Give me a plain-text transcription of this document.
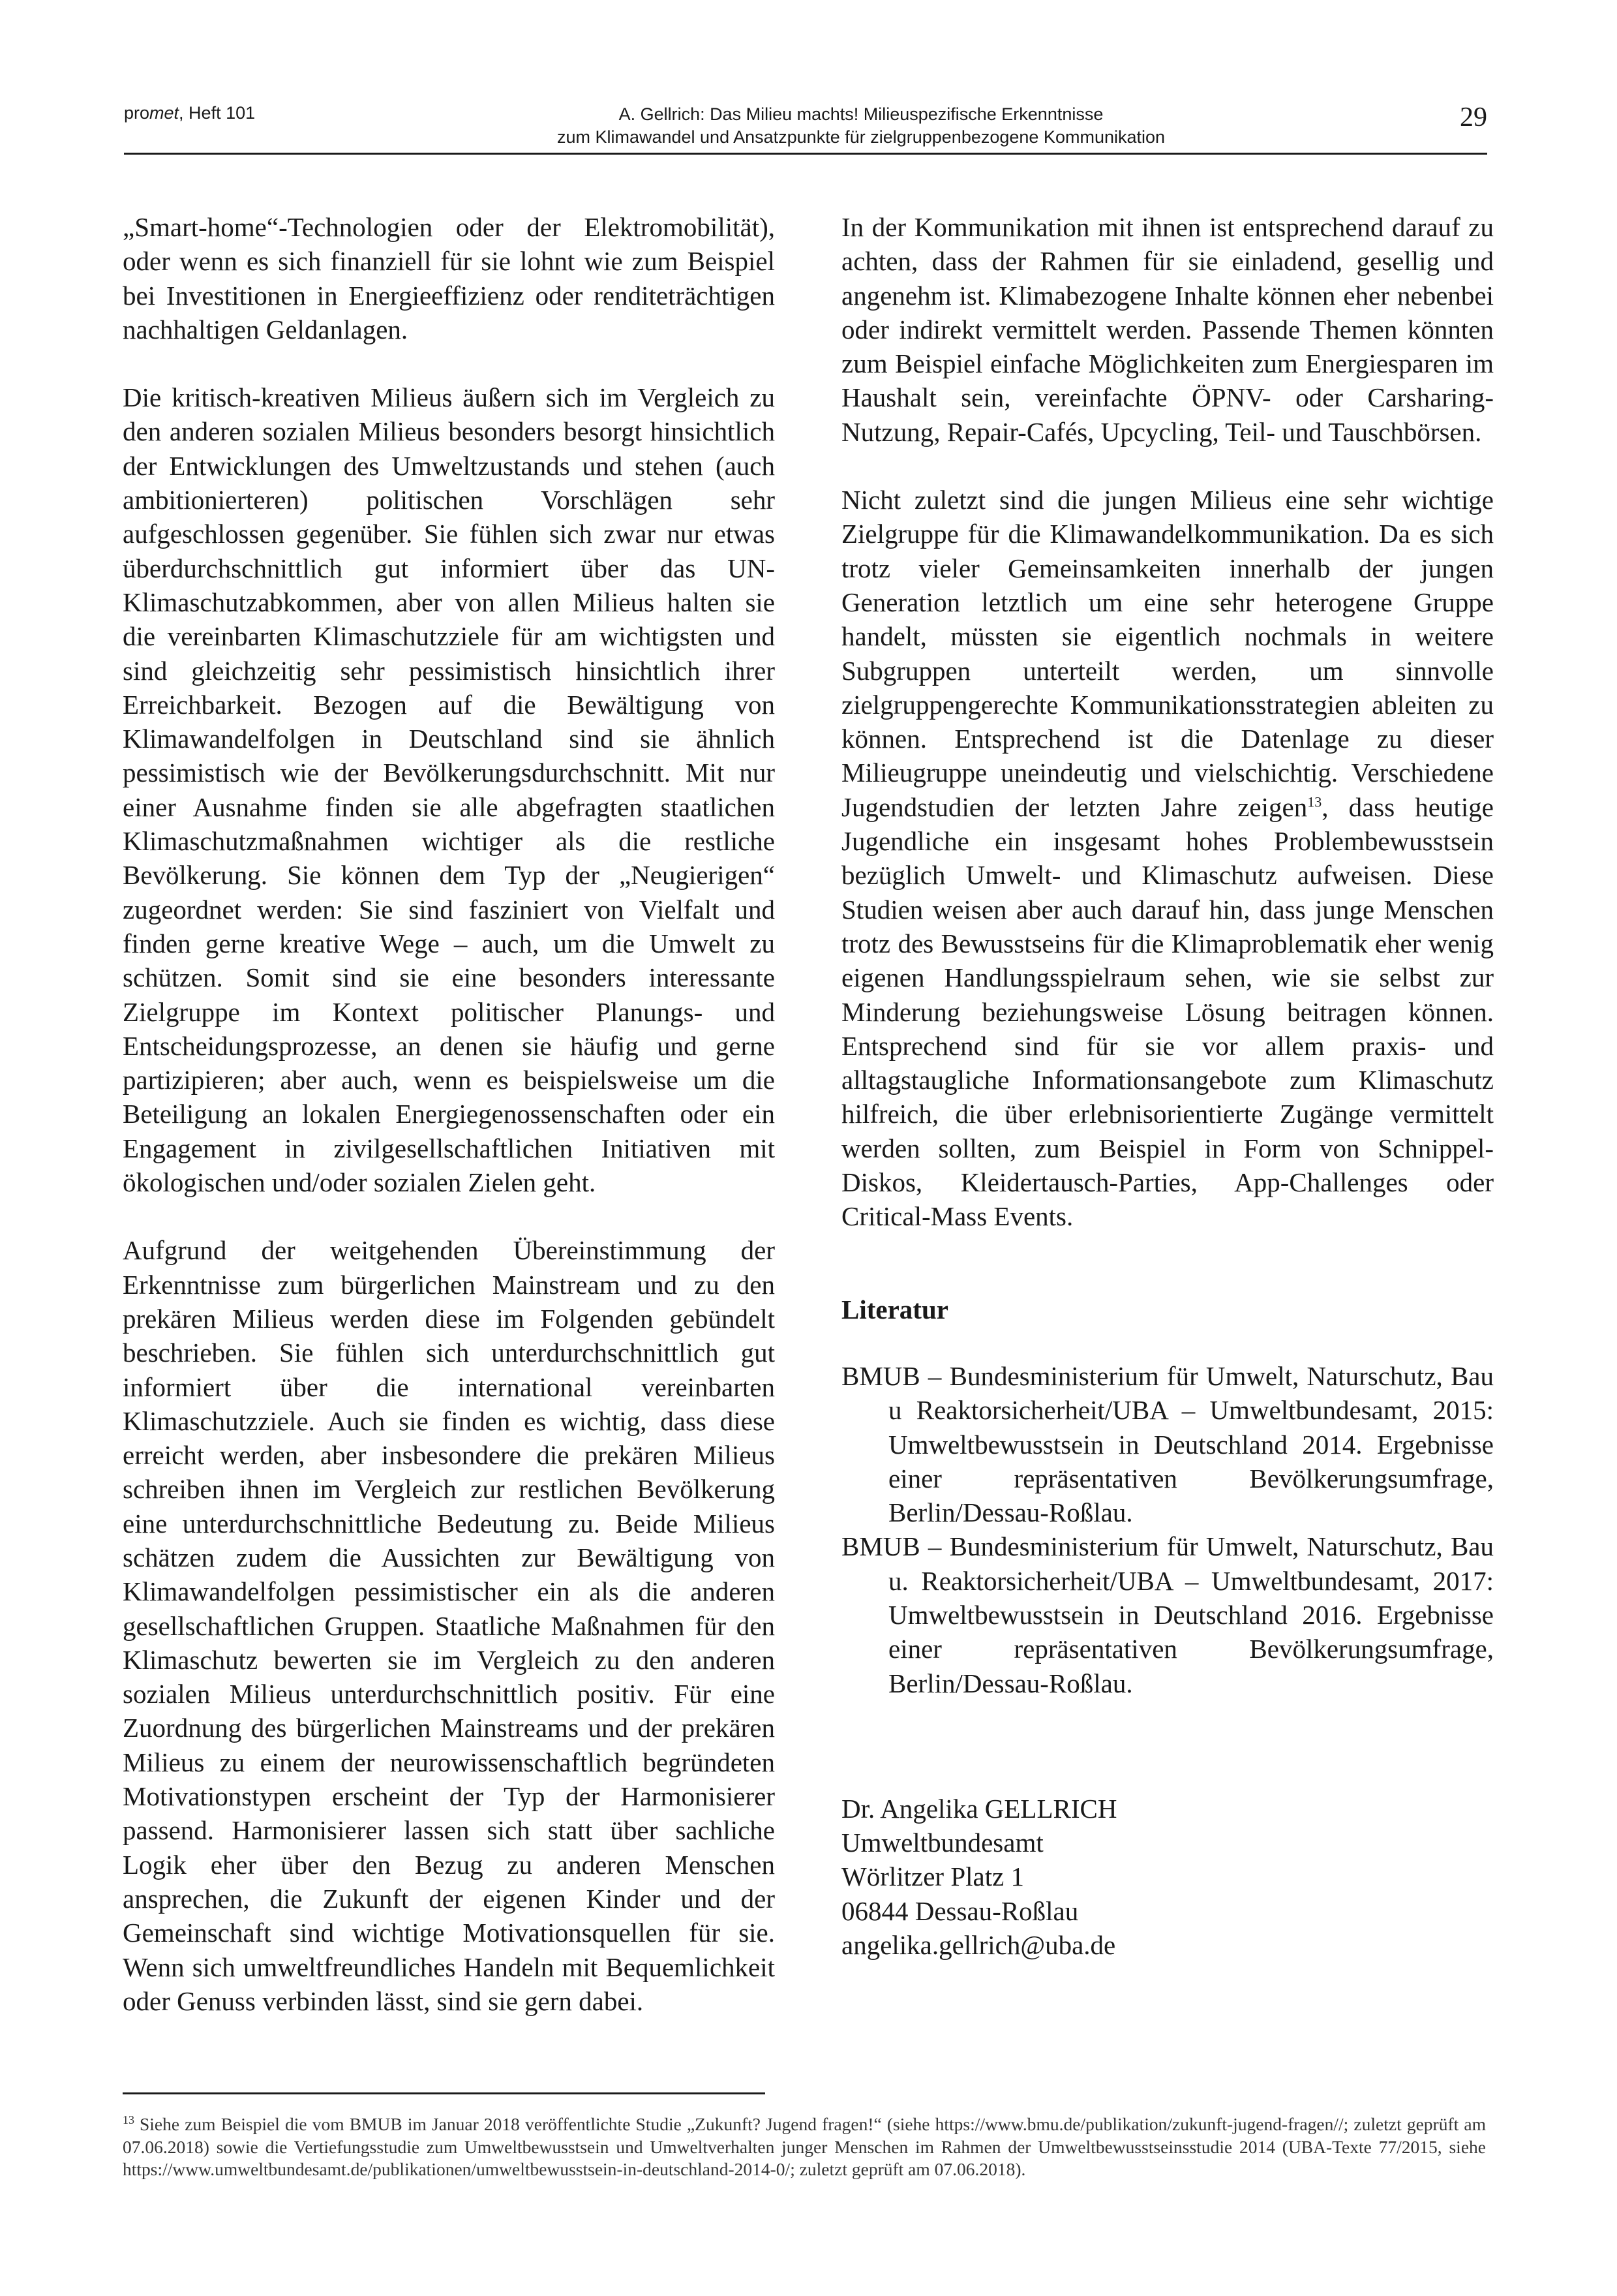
promet, Heft 101	A. Gellrich: Das Milieu machts! Milieuspezifische Erkenntnisse
zum Klimawandel und Ansatzpunkte für zielgruppenbezogene Kommunikation
29

„Smart-home“-Technologien oder der Elektromobilität), oder wenn es sich finanziell für sie lohnt wie zum Beispiel bei Investitionen in Energieeffizienz oder renditeträchtigen nachhaltigen Geldanlagen.

Die kritisch-kreativen Milieus äußern sich im Vergleich zu den anderen sozialen Milieus besonders besorgt hinsichtlich der Entwicklungen des Umweltzustands und stehen (auch ambitionierteren) politischen Vorschlägen sehr aufgeschlossen gegenüber. Sie fühlen sich zwar nur etwas überdurchschnittlich gut informiert über das UN-Klimaschutzabkommen, aber von allen Milieus halten sie die vereinbarten Klimaschutzziele für am wichtigsten und sind gleichzeitig sehr pessimistisch hinsichtlich ihrer Erreichbarkeit. Bezogen auf die Bewältigung von Klimawandelfolgen in Deutschland sind sie ähnlich pessimistisch wie der Bevölkerungsdurchschnitt. Mit nur einer Ausnahme finden sie alle abgefragten staatlichen Klimaschutzmaßnahmen wichtiger als die restliche Bevölkerung. Sie können dem Typ der „Neugierigen“ zugeordnet werden: Sie sind fasziniert von Vielfalt und finden gerne kreative Wege – auch, um die Umwelt zu schützen. Somit sind sie eine besonders interessante Zielgruppe im Kontext politischer Planungs- und Entscheidungsprozesse, an denen sie häufig und gerne partizipieren; aber auch, wenn es beispielsweise um die Beteiligung an lokalen Energiegenossenschaften oder ein Engagement in zivilgesellschaftlichen Initiativen mit ökologischen und/oder sozialen Zielen geht.

Aufgrund der weitgehenden Übereinstimmung der Erkenntnisse zum bürgerlichen Mainstream und zu den prekären Milieus werden diese im Folgenden gebündelt beschrieben. Sie fühlen sich unterdurchschnittlich gut informiert über die international vereinbarten Klimaschutzziele. Auch sie finden es wichtig, dass diese erreicht werden, aber insbesondere die prekären Milieus schreiben ihnen im Vergleich zur restlichen Bevölkerung eine unterdurchschnittliche Bedeutung zu. Beide Milieus schätzen zudem die Aussichten zur Bewältigung von Klimawandelfolgen pessimistischer ein als die anderen gesellschaftlichen Gruppen. Staatliche Maßnahmen für den Klimaschutz bewerten sie im Vergleich zu den anderen sozialen Milieus unterdurchschnittlich positiv. Für eine Zuordnung des bürgerlichen Mainstreams und der prekären Milieus zu einem der neurowissenschaftlich begründeten Motivationstypen erscheint der Typ der Harmonisierer passend. Harmonisierer lassen sich statt über sachliche Logik eher über den Bezug zu anderen Menschen ansprechen, die Zukunft der eigenen Kinder und der Gemeinschaft sind wichtige Motivationsquellen für sie. Wenn sich umweltfreundliches Handeln mit Bequemlichkeit oder Genuss verbinden lässt, sind sie gern dabei.

In der Kommunikation mit ihnen ist entsprechend darauf zu achten, dass der Rahmen für sie einladend, gesellig und angenehm ist. Klimabezogene Inhalte können eher nebenbei oder indirekt vermittelt werden. Passende Themen könnten zum Beispiel einfache Möglichkeiten zum Energiesparen im Haushalt sein, vereinfachte ÖPNV- oder Carsharing-Nutzung, Repair-Cafés, Upcycling, Teil- und Tauschbörsen.

Nicht zuletzt sind die jungen Milieus eine sehr wichtige Zielgruppe für die Klimawandelkommunikation. Da es sich trotz vieler Gemeinsamkeiten innerhalb der jungen Generation letztlich um eine sehr heterogene Gruppe handelt, müssten sie eigentlich nochmals in weitere Subgruppen unterteilt werden, um sinnvolle zielgruppengerechte Kommunikationsstrategien ableiten zu können. Entsprechend ist die Datenlage zu dieser Milieugruppe uneindeutig und vielschichtig. Verschiedene Jugendstudien der letzten Jahre zeigen$^{13}$, dass heutige Jugendliche ein insgesamt hohes Problembewusstsein bezüglich Umwelt- und Klimaschutz aufweisen. Diese Studien weisen aber auch darauf hin, dass junge Menschen trotz des Bewusstseins für die Klimaproblematik eher wenig eigenen Handlungsspielraum sehen, wie sie selbst zur Minderung beziehungsweise Lösung beitragen können. Entsprechend sind für sie vor allem praxis- und alltagstaugliche Informationsangebote zum Klimaschutz hilfreich, die über erlebnisorientierte Zugänge vermittelt werden sollten, zum Beispiel in Form von Schnippel-Diskos, Kleidertausch-Parties, App-Challenges oder Critical-Mass Events.

Literatur

BMUB – Bundesministerium für Umwelt, Naturschutz, Bau u Reaktorsicherheit/UBA – Umweltbundesamt, 2015: Umweltbewusstsein in Deutschland 2014. Ergebnisse einer repräsentativen Bevölkerungsumfrage, Berlin/Dessau-Roßlau.

BMUB – Bundesministerium für Umwelt, Naturschutz, Bau u. Reaktorsicherheit/UBA – Umweltbundesamt, 2017: Umweltbewusstsein in Deutschland 2016. Ergebnisse einer repräsentativen Bevölkerungsumfrage, Berlin/Dessau-Roßlau.

Dr. Angelika GELLRICH
Umweltbundesamt
Wörlitzer Platz 1
06844 Dessau-Roßlau
angelika.gellrich@uba.de
$^{13}$ Siehe zum Beispiel die vom BMUB im Januar 2018 veröffentlichte Studie „Zukunft? Jugend fragen!“ (siehe https://www.bmu.de/publikation/zukunft-jugend-fragen//; zuletzt geprüft am 07.06.2018) sowie die Vertiefungsstudie zum Umweltbewusstsein und Umweltverhalten junger Menschen im Rahmen der Umweltbewusstseinsstudie 2014 (UBA-Texte 77/2015, siehe https://www.umweltbundesamt.de/publikationen/umweltbewusstsein-in-deutschland-2014-0/; zuletzt geprüft am 07.06.2018).
